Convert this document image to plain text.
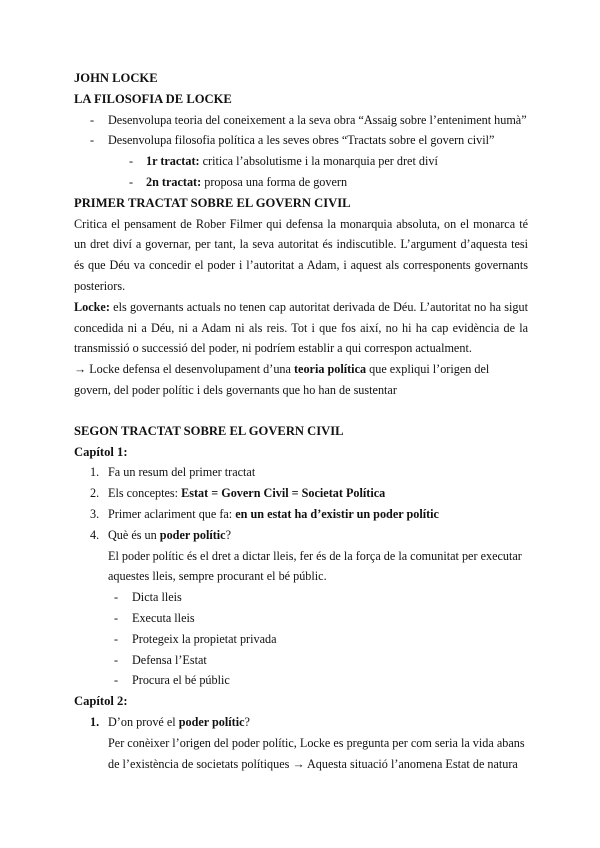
JOHN LOCKE

LA FILOSOFIA DE LOCKE

- Desenvolupa teoria del coneixement a la seva obra “Assaig sobre l’enteniment humà”
- Desenvolupa filosofia política a les seves obres “Tractats sobre el govern civil”
- 1r tractat: critica l’absolutisme i la monarquia per dret diví
- 2n tractat: proposa una forma de govern

PRIMER TRACTAT SOBRE EL GOVERN CIVIL

Critica el pensament de Rober Filmer qui defensa la monarquia absoluta, on el monarca té un dret diví a governar, per tant, la seva autoritat és indiscutible. L’argument d’aquesta tesi és que Déu va concedir el poder i l’autoritat a Adam, i aquest als corresponents governants posteriors.

Locke: els governants actuals no tenen cap autoritat derivada de Déu. L’autoritat no ha sigut concedida ni a Déu, ni a Adam ni als reis. Tot i que fos així, no hi ha cap evidència de la transmissió o successió del poder, ni podríem establir a qui correspon actualment.

→ Locke defensa el desenvolupament d’una teoria política que expliqui l’origen del govern, del poder polític i dels governants que ho han de sustentar

SEGON TRACTAT SOBRE EL GOVERN CIVIL

Capítol 1:

1. Fa un resum del primer tractat
2. Els conceptes: Estat = Govern Civil = Societat Política
3. Primer aclariment que fa: en un estat ha d’existir un poder polític
4. Què és un poder polític?

El poder polític és el dret a dictar lleis, fer és de la força de la comunitat per executar aquestes lleis, sempre procurant el bé públic.

- Dicta lleis
- Executa lleis
- Protegeix la propietat privada
- Defensa l’Estat
- Procura el bé públic

Capítol 2:

1. D’on prové el poder polític?

Per conèixer l’origen del poder polític, Locke es pregunta per com seria la vida abans de l’existència de societats polítiques → Aquesta situació l’anomena Estat de natura
